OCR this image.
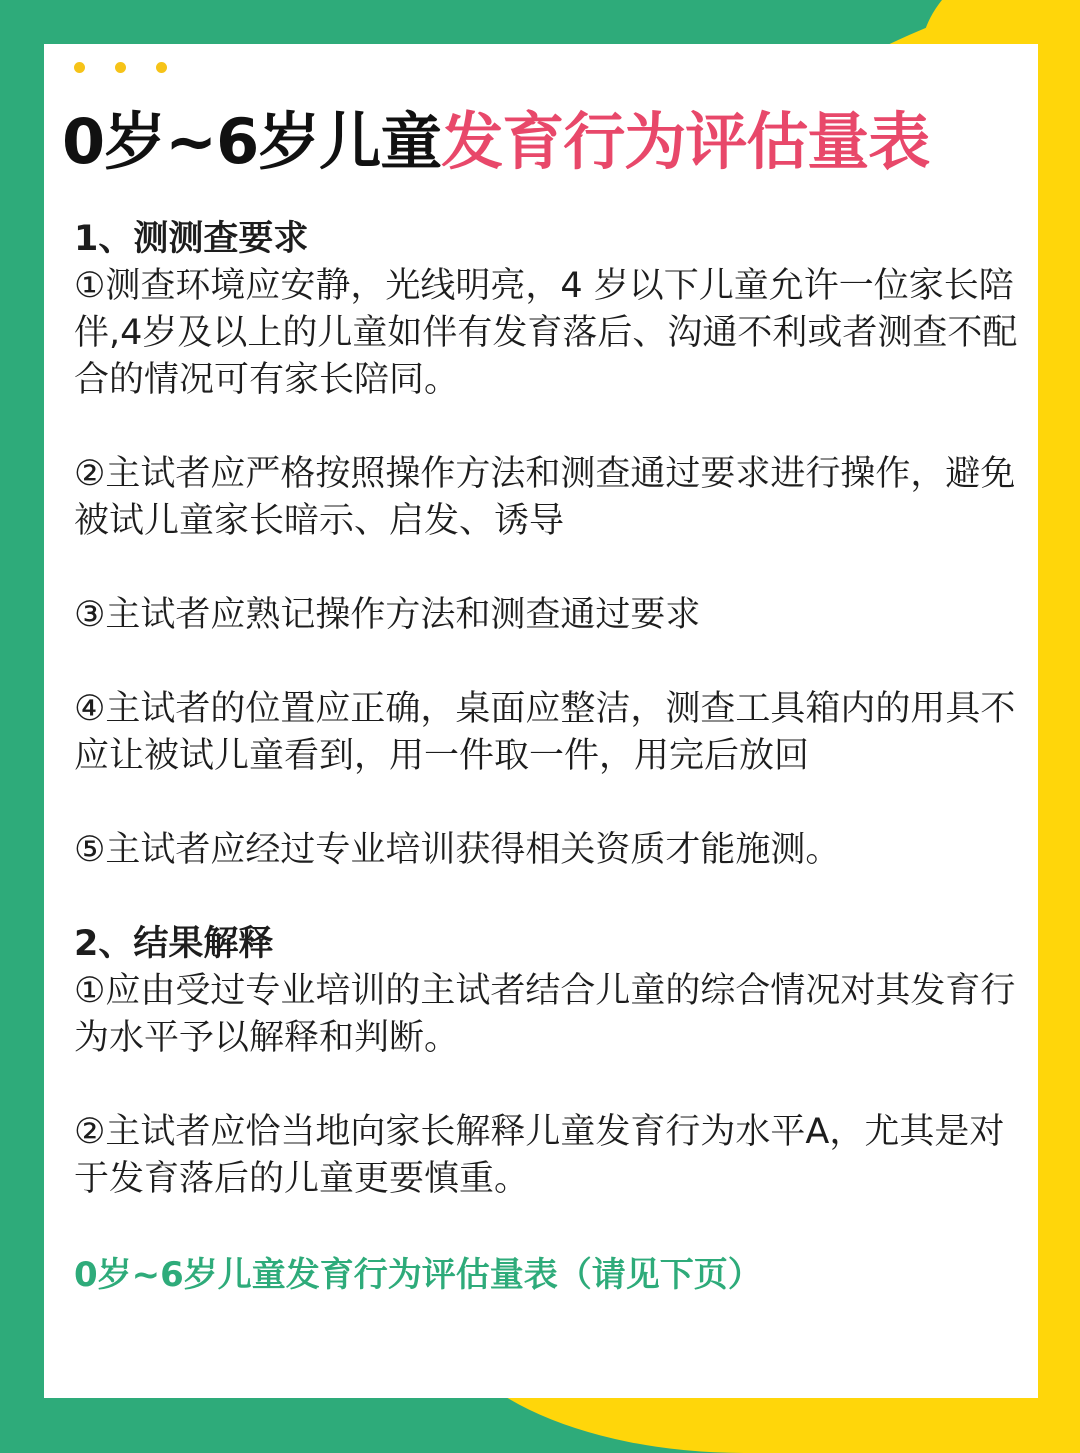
0岁~6岁儿童发育行为评估量表

1、测测查要求

①测查环境应安静，光线明亮，4 岁以下儿童允许一位家长陪伴,4岁及以上的儿童如伴有发育落后、沟通不利或者测查不配合的情况可有家长陪同。

②主试者应严格按照操作方法和测查通过要求进行操作，避免被试儿童家长暗示、启发、诱导

③主试者应熟记操作方法和测查通过要求

④主试者的位置应正确，桌面应整洁，测查工具箱内的用具不应让被试儿童看到，用一件取一件，用完后放回

⑤主试者应经过专业培训获得相关资质才能施测。

2、结果解释

①应由受过专业培训的主试者结合儿童的综合情况对其发育行为水平予以解释和判断。

②主试者应恰当地向家长解释儿童发育行为水平A，尤其是对于发育落后的儿童更要慎重。

0岁~6岁儿童发育行为评估量表（请见下页）
